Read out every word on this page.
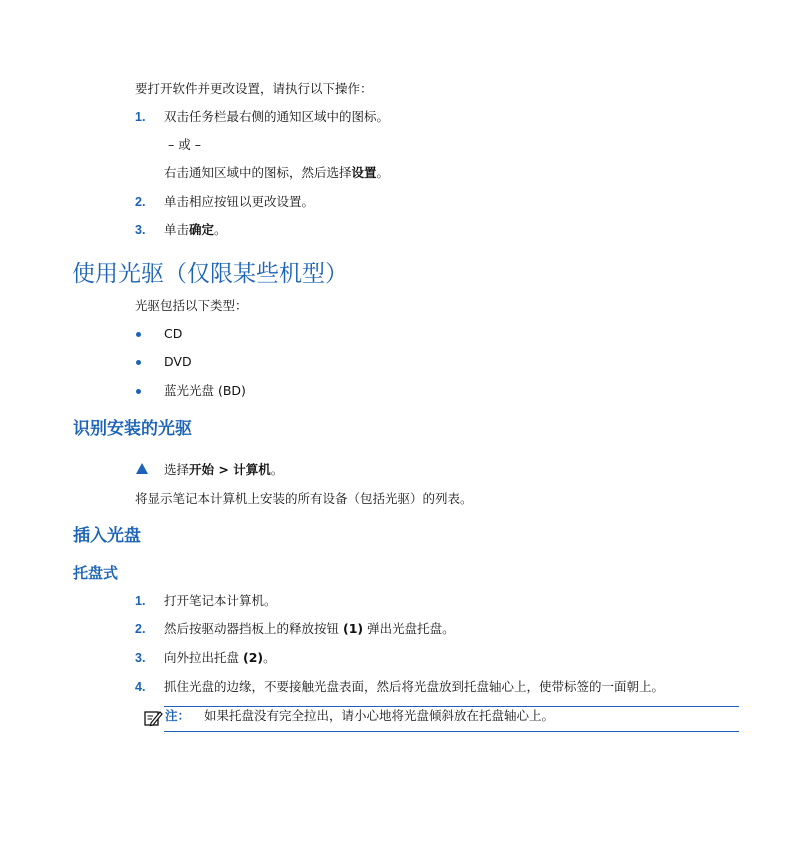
要打开软件并更改设置，请执行以下操作：
1. 双击任务栏最右侧的通知区域中的图标。
– 或 –
右击通知区域中的图标，然后选择设置。
2. 单击相应按钮以更改设置。
3. 单击确定。
使用光驱（仅限某些机型）
光驱包括以下类型：
CD
DVD
蓝光光盘 (BD)
识别安装的光驱
选择开始 > 计算机。
将显示笔记本计算机上安装的所有设备（包括光驱）的列表。
插入光盘
托盘式
1. 打开笔记本计算机。
2. 然后按驱动器挡板上的释放按钮 (1) 弹出光盘托盘。
3. 向外拉出托盘 (2)。
4. 抓住光盘的边缘，不要接触光盘表面，然后将光盘放到托盘轴心上，使带标签的一面朝上。
注： 如果托盘没有完全拉出，请小心地将光盘倾斜放在托盘轴心上。
